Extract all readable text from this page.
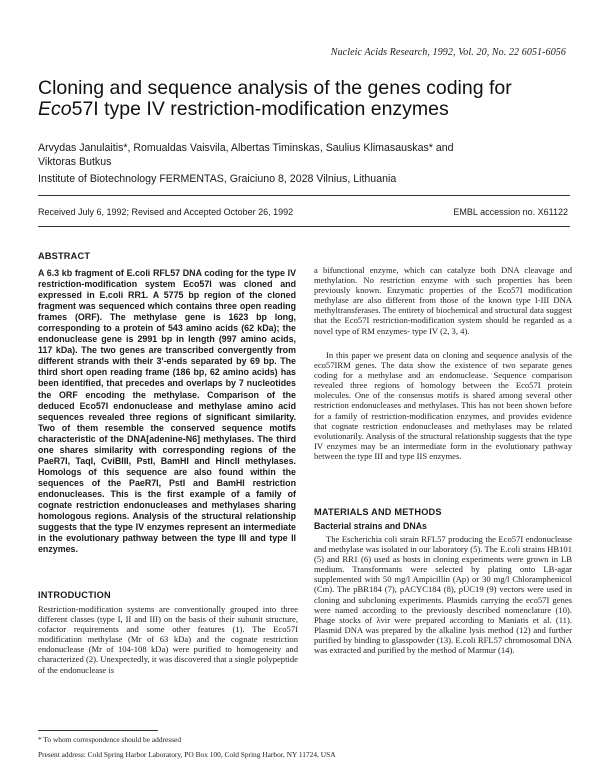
Nucleic Acids Research, 1992, Vol. 20, No. 22 6051-6056
Cloning and sequence analysis of the genes coding for
Eco57I type IV restriction-modification enzymes
Arvydas Janulaitis*, Romualdas Vaisvila, Albertas Timinskas, Saulius Klimasauskas* and
Viktoras Butkus
Institute of Biotechnology FERMENTAS, Graiciuno 8, 2028 Vilnius, Lithuania
Received July 6, 1992; Revised and Accepted October 26, 1992	EMBL accession no. X61122
ABSTRACT

A 6.3 kb fragment of E.coli RFL57 DNA coding for the type IV restriction-modification system Eco57I was cloned and expressed in E.coli RR1. A 5775 bp region of the cloned fragment was sequenced which contains three open reading frames (ORF). The methylase gene is 1623 bp long, corresponding to a protein of 543 amino acids (62 kDa); the endonuclease gene is 2991 bp in length (997 amino acids, 117 kDa). The two genes are transcribed convergently from different strands with their 3'-ends separated by 69 bp. The third short open reading frame (186 bp, 62 amino acids) has been identified, that precedes and overlaps by 7 nucleotides the ORF encoding the methylase. Comparison of the deduced Eco57I endonuclease and methylase amino acid sequences revealed three regions of significant similarity. Two of them resemble the conserved sequence motifs characteristic of the DNA[adenine-N6] methylases. The third one shares similarity with corresponding regions of the PaeR7I, TaqI, CviBIII, PstI, BamHI and HincII methylases. Homologs of this sequence are also found within the sequences of the PaeR7I, PstI and BamHI restriction endonucleases. This is the first example of a family of cognate restriction endonucleases and methylases sharing homologous regions. Analysis of the structural relationship suggests that the type IV enzymes represent an intermediate in the evolutionary pathway between the type III and type II enzymes.

INTRODUCTION

Restriction-modification systems are conventionally grouped into three different classes (type I, II and III) on the basis of their subunit structure, cofactor requirements and some other features (1). The Eco57I modification methylase (Mr of 63 kDa) and the cognate restriction endonuclease (Mr of 104-108 kDa) were purified to homogeneity and characterized (2). Unexpectedly, it was discovered that a single polypeptide of the endonuclease is

a bifunctional enzyme, which can catalyze both DNA cleavage and methylation. No restriction enzyme with such properties has been previously known. Enzymatic properties of the Eco57I modification methylase are also different from those of the known type I-III DNA methyltransferases. The entirety of biochemical and structural data suggest that the Eco57I restriction-modification system should be regarded as a novel type of RM enzymes- type IV (2, 3, 4).

In this paper we present data on cloning and sequence analysis of the eco57IRM genes. The data show the existence of two separate genes coding for a methylase and an endonuclease. Sequence comparison revealed three regions of homology between the Eco57I protein molecules. One of the consensus motifs is shared among several other restriction endonucleases and methylases. This has not been shown before for a family of restriction-modification enzymes, and provides evidence that cognate restriction endonucleases and methylases may be related evolutionarily. Analysis of the structural relationship suggests that the type IV enzymes may be an intermediate form in the evolutionary pathway between the type III and type IIS enzymes.

MATERIALS AND METHODS
Bacterial strains and DNAs

The Escherichia coli strain RFL57 producing the Eco57I endonuclease and methylase was isolated in our laboratory (5). The E.coli strains HB101 (5) and RR1 (6) used as hosts in cloning experiments were grown in LB medium. Transformants were selected by plating onto LB-agar supplemented with 50 mg/l Ampicillin (Ap) or 30 mg/l Chloramphenicol (Cm). The pBR184 (7), pACYC184 (8), pUC19 (9) vectors were used in cloning and subcloning experiments. Plasmids carrying the eco57I genes were named according to the previously described nomenclature (10). Phage stocks of λvir were prepared according to Maniatis et al. (11). Plasmid DNA was prepared by the alkaline lysis method (12) and further purified by binding to glasspowder (13). E.coli RFL57 chromosomal DNA was extracted and purified by the method of Marmur (14).

* To whom correspondence should be addressed
Present address: Cold Spring Harbor Laboratory, PO Box 100, Cold Spring Harbor, NY 11724, USA
